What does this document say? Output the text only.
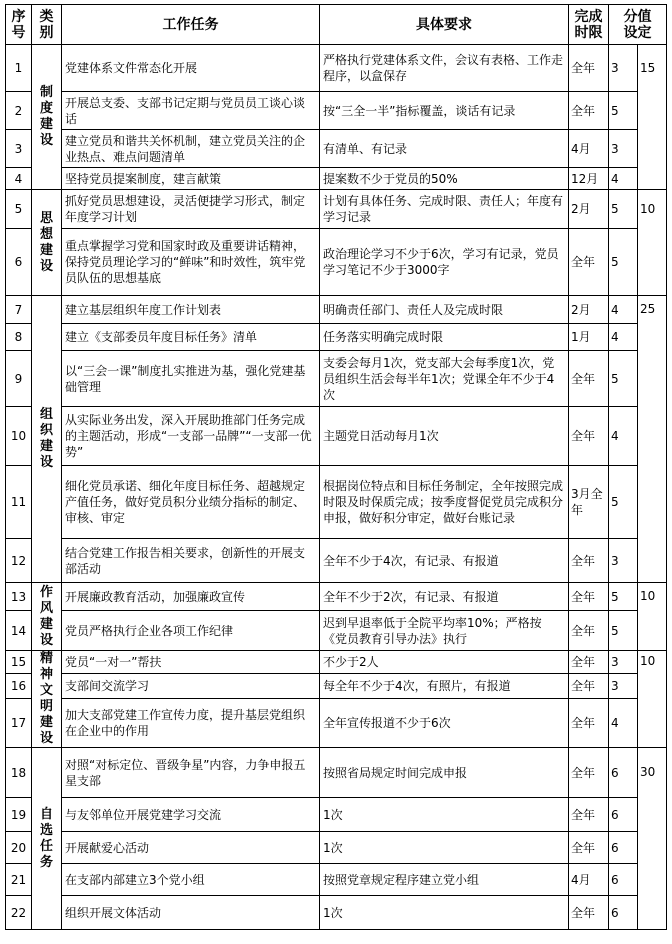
序号	类别	工作任务	具体要求	完成时限	分值设定	
1	制度建设	党建体系文件常态化开展	严格执行党建体系文件，会议有表格、工作走程序，以盒保存	全年	3	15
2		开展总支委、支部书记定期与党员员工谈心谈话	按“三全一半”指标覆盖，谈话有记录	全年	5	
3		建立党员和谐共关怀机制，建立党员关注的企业热点、难点问题清单	有清单、有记录	4月	3	
4		坚持党员提案制度，建言献策	提案数不少于党员的50%	12月	4	
5	思想建设	抓好党员思想建设，灵活便捷学习形式，制定年度学习计划	计划有具体任务、完成时限、责任人；年度有学习记录	2月	5	10
6		重点掌握学习党和国家时政及重要讲话精神，保持党员理论学习的“鲜味”和时效性，筑牢党员队伍的思想基底	政治理论学习不少于6次，学习有记录，党员学习笔记不少于3000字	全年	5	
7	组织建设	建立基层组织年度工作计划表	明确责任部门、责任人及完成时限	2月	4	25
8		建立《支部委员年度目标任务》清单	任务落实明确完成时限	1月	4	
9		以“三会一课”制度扎实推进为基，强化党建基础管理	支委会每月1次，党支部大会每季度1次，党员组织生活会每半年1次；党课全年不少于4次	全年	5	
10		从实际业务出发，深入开展助推部门任务完成的主题活动，形成“一支部一品牌”“一支部一优势”	主题党日活动每月1次	全年	4	
11		细化党员承诺、细化年度目标任务、超越规定产值任务，做好党员积分业绩分指标的制定、审核、审定	根据岗位特点和目标任务制定，全年按照完成时限及时保质完成；按季度督促党员完成积分申报，做好积分审定，做好台账记录	3月全年	5	
12		结合党建工作报告相关要求，创新性的开展支部活动	全年不少于4次，有记录、有报道	全年	3	
13	作风建设	开展廉政教育活动，加强廉政宣传	全年不少于2次，有记录、有报道	全年	5	10
14		党员严格执行企业各项工作纪律	迟到早退率低于全院平均率10%；严格按《党员教育引导办法》执行	全年	5	
15	精神文明建设	党员“一对一”帮扶	不少于2人	全年	3	10
16		支部间交流学习	每全年不少于4次，有照片，有报道	全年	3	
17		加大支部党建工作宣传力度，提升基层党组织在企业中的作用	全年宣传报道不少于6次	全年	4	
18	自选任务	对照“对标定位、晋级争星”内容，力争申报五星支部	按照省局规定时间完成申报	全年	6	30
19		与友邻单位开展党建学习交流	1次	全年	6	
20		开展献爱心活动	1次	全年	6	
21		在支部内部建立3个党小组	按照党章规定程序建立党小组	4月	6	
22		组织开展文体活动	1次	全年	6	
